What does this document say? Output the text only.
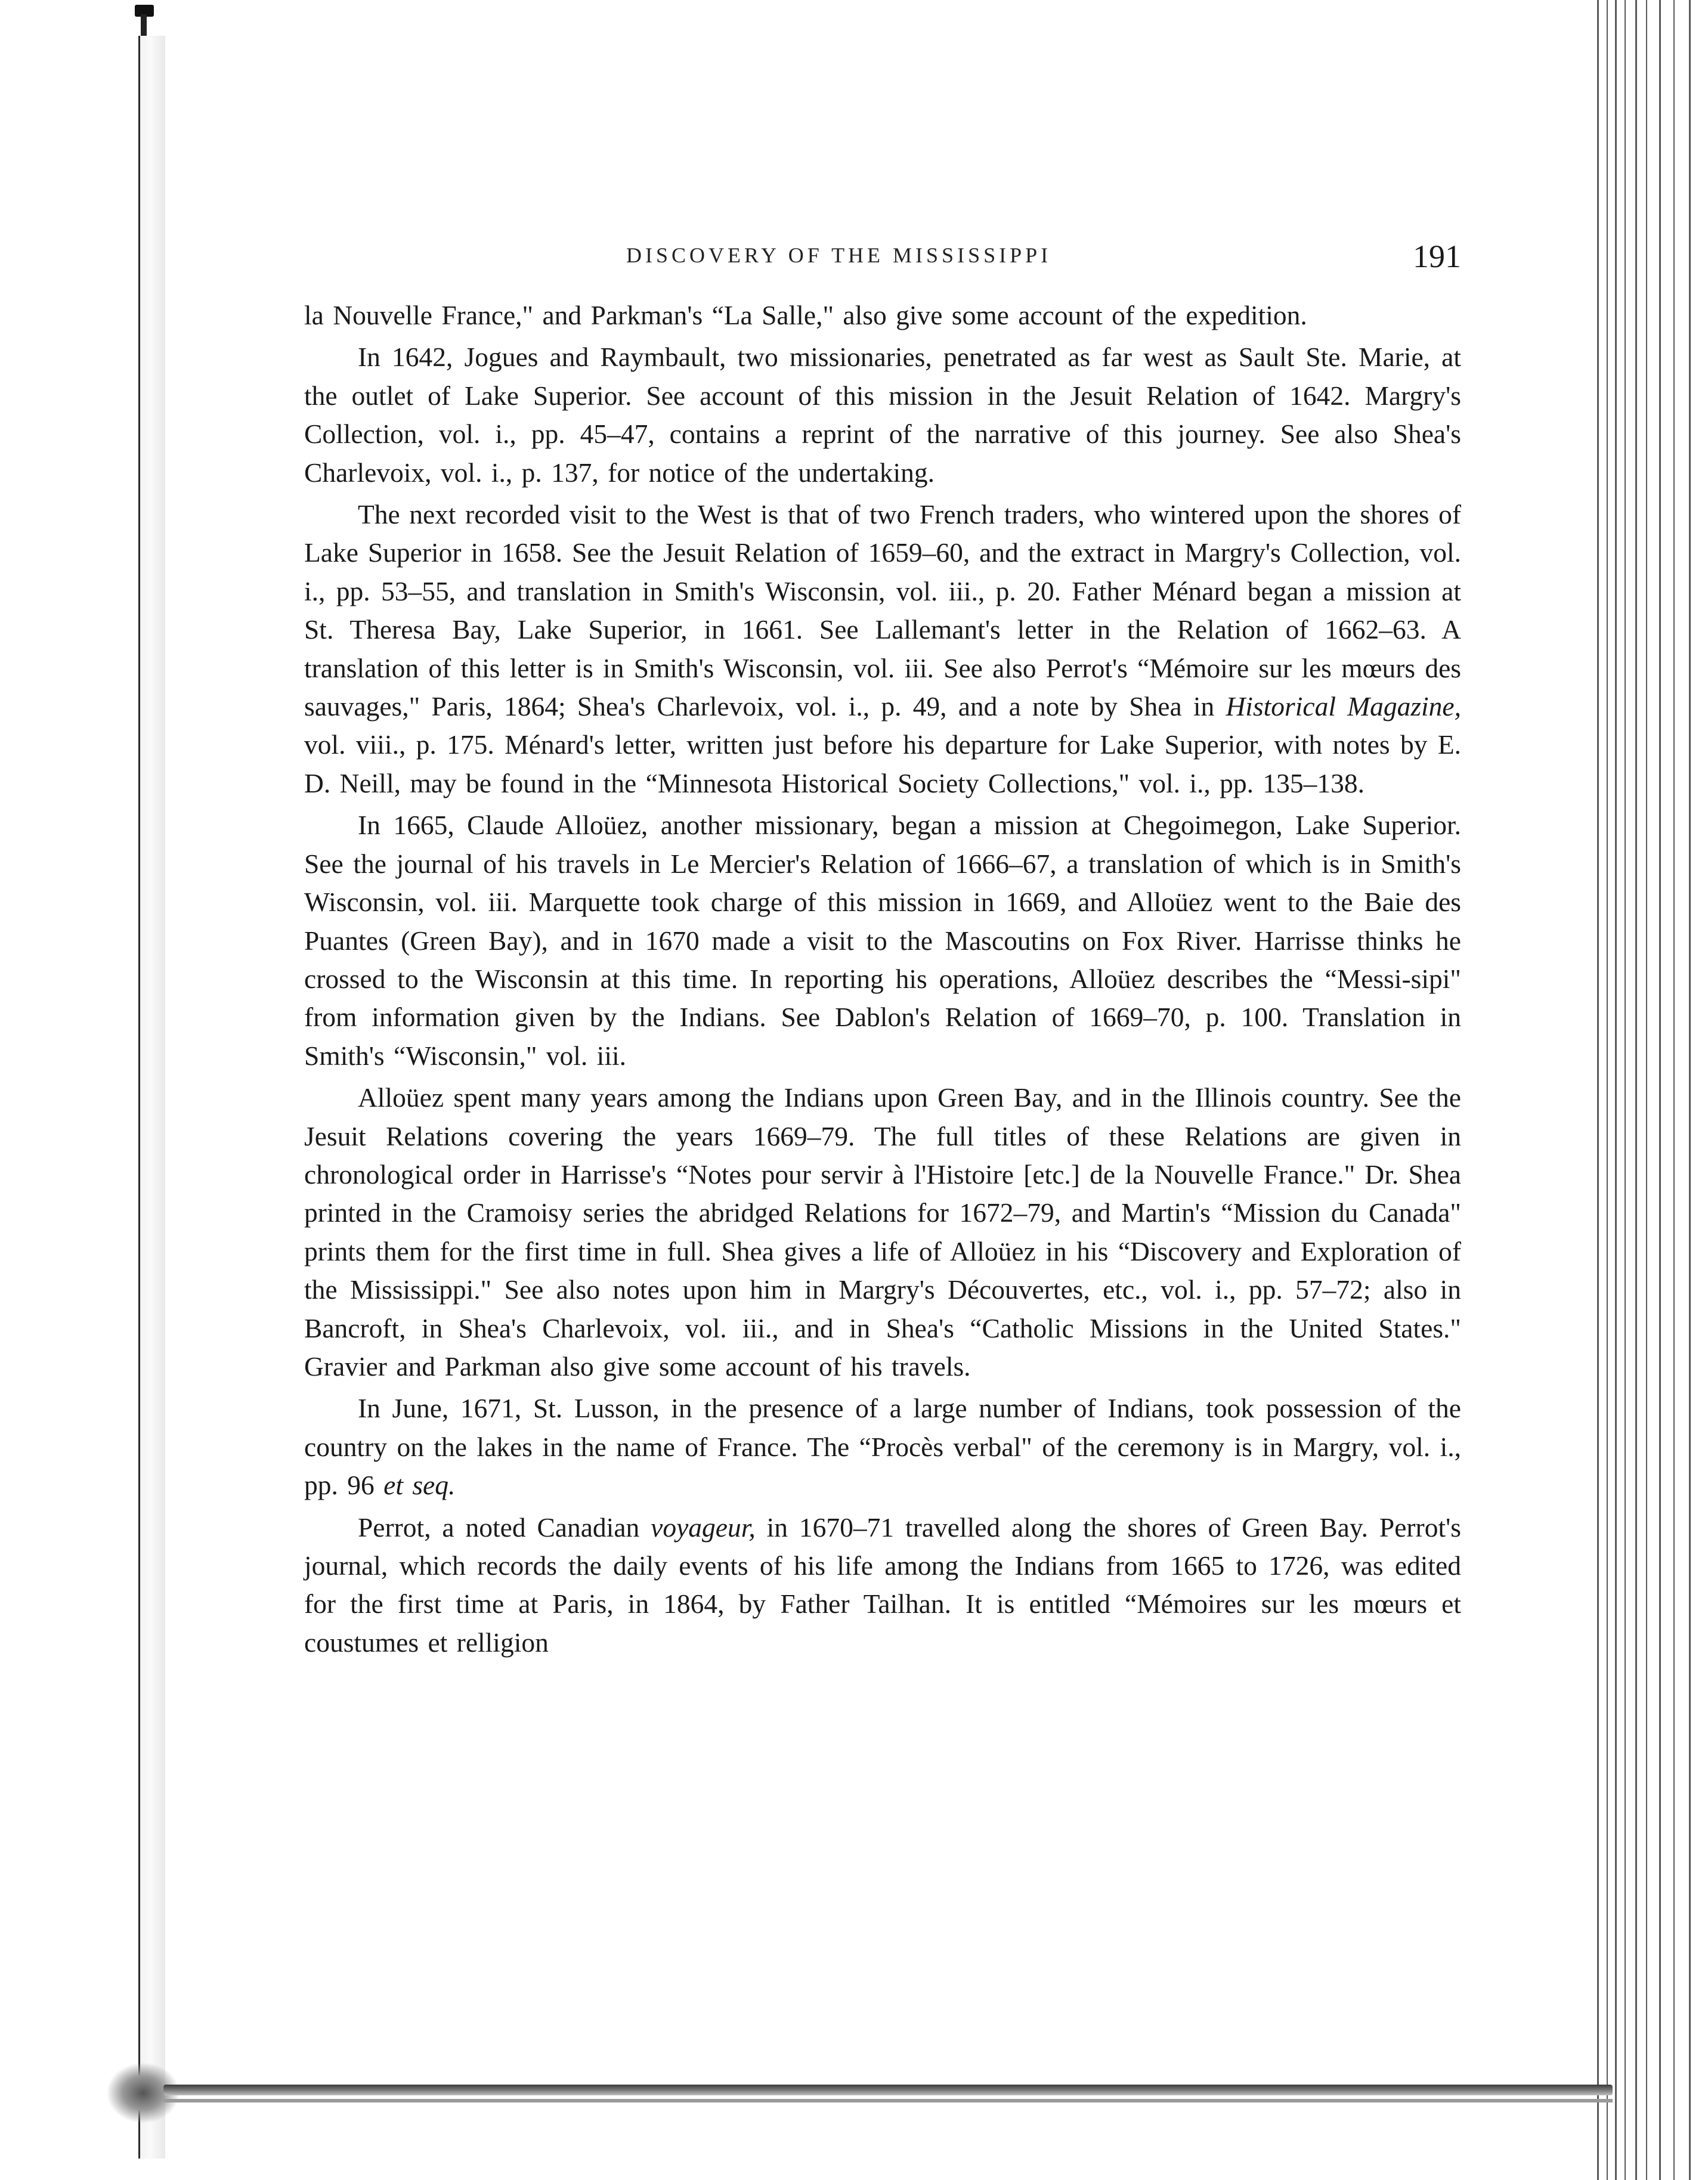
DISCOVERY OF THE MISSISSIPPI	191

la Nouvelle France," and Parkman's “La Salle," also give some account of the expedition.

In 1642, Jogues and Raymbault, two missionaries, penetrated as far west as Sault Ste. Marie, at the outlet of Lake Superior. See account of this mission in the Jesuit Relation of 1642. Margry's Collection, vol. i., pp. 45–47, contains a reprint of the narrative of this journey. See also Shea's Charlevoix, vol. i., p. 137, for notice of the undertaking.

The next recorded visit to the West is that of two French traders, who wintered upon the shores of Lake Superior in 1658. See the Jesuit Relation of 1659–60, and the extract in Margry's Collection, vol. i., pp. 53–55, and translation in Smith's Wisconsin, vol. iii., p. 20. Father Ménard began a mission at St. Theresa Bay, Lake Superior, in 1661. See Lallemant's letter in the Relation of 1662–63. A translation of this letter is in Smith's Wisconsin, vol. iii. See also Perrot's “Mémoire sur les mœurs des sauvages," Paris, 1864; Shea's Charlevoix, vol. i., p. 49, and a note by Shea in Historical Magazine, vol. viii., p. 175. Ménard's letter, written just before his departure for Lake Superior, with notes by E. D. Neill, may be found in the “Minnesota Historical Society Collections," vol. i., pp. 135–138.

In 1665, Claude Alloüez, another missionary, began a mission at Chegoimegon, Lake Superior. See the journal of his travels in Le Mercier's Relation of 1666–67, a translation of which is in Smith's Wisconsin, vol. iii. Marquette took charge of this mission in 1669, and Alloüez went to the Baie des Puantes (Green Bay), and in 1670 made a visit to the Mascoutins on Fox River. Harrisse thinks he crossed to the Wisconsin at this time. In reporting his operations, Alloüez describes the “Messi-sipi" from information given by the Indians. See Dablon's Relation of 1669–70, p. 100. Translation in Smith's “Wisconsin," vol. iii.

Alloüez spent many years among the Indians upon Green Bay, and in the Illinois country. See the Jesuit Relations covering the years 1669–79. The full titles of these Relations are given in chronological order in Harrisse's “Notes pour servir à l'Histoire [etc.] de la Nouvelle France." Dr. Shea printed in the Cramoisy series the abridged Relations for 1672–79, and Martin's “Mission du Canada" prints them for the first time in full. Shea gives a life of Alloüez in his “Discovery and Exploration of the Mississippi." See also notes upon him in Margry's Découvertes, etc., vol. i., pp. 57–72; also in Bancroft, in Shea's Charlevoix, vol. iii., and in Shea's “Catholic Missions in the United States." Gravier and Parkman also give some account of his travels.

In June, 1671, St. Lusson, in the presence of a large number of Indians, took possession of the country on the lakes in the name of France. The “Procès verbal" of the ceremony is in Margry, vol. i., pp. 96 et seq.

Perrot, a noted Canadian voyageur, in 1670–71 travelled along the shores of Green Bay. Perrot's journal, which records the daily events of his life among the Indians from 1665 to 1726, was edited for the first time at Paris, in 1864, by Father Tailhan. It is entitled “Mémoires sur les mœurs et coustumes et relligion
